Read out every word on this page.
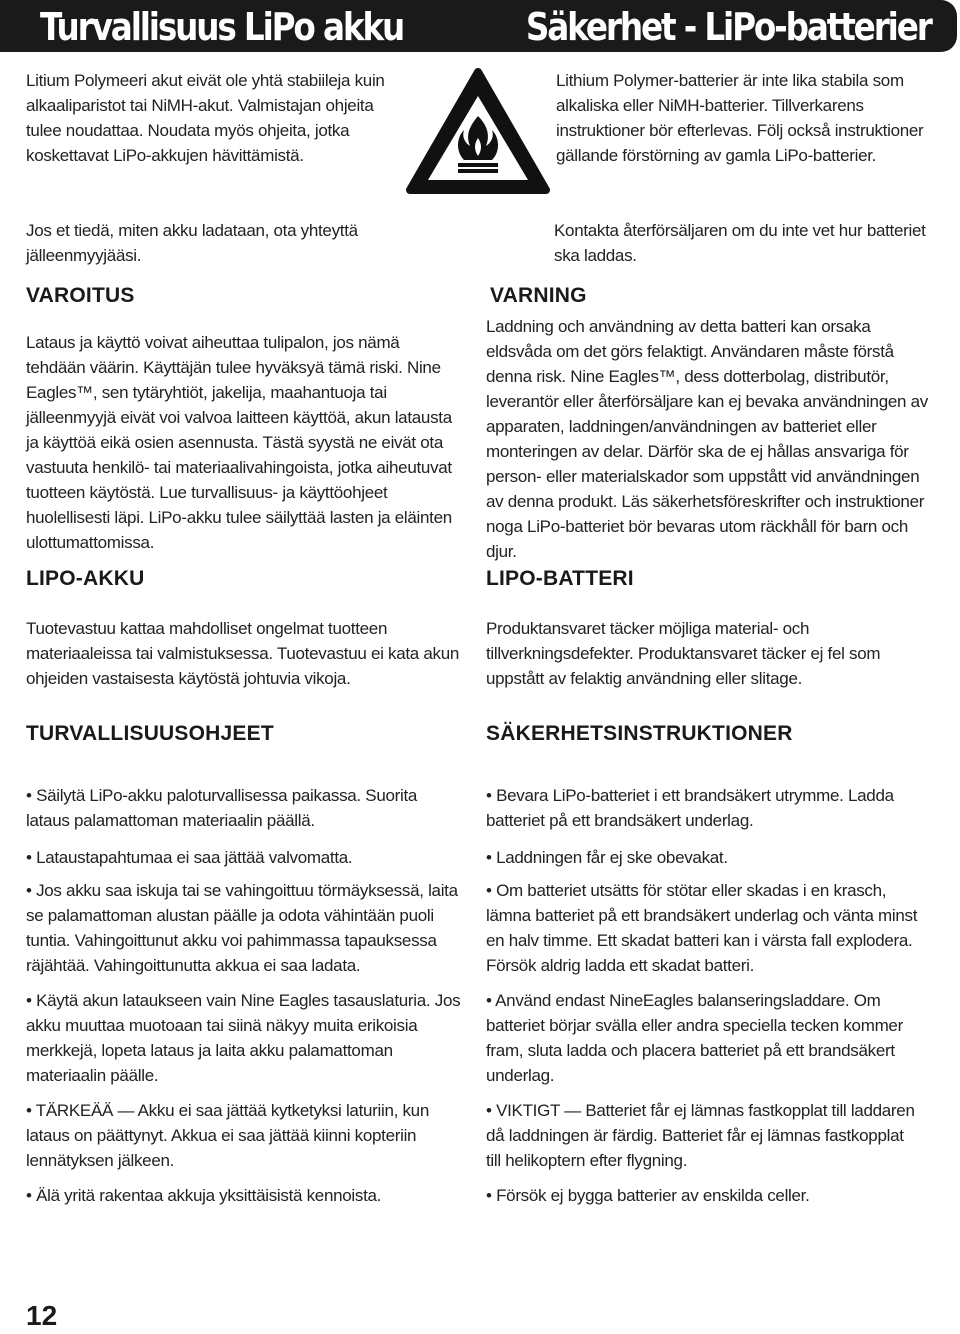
Turvallisuus LiPo akku	Säkerhet - LiPo-batterier

Litium Polymeeri akut eivät ole yhtä stabiileja kuin alkaaliparistot tai NiMH-akut. Valmistajan ohjeita tulee noudattaa. Noudata myös ohjeita, jotka koskettavat LiPo-akkujen hävittämistä.

Jos et tiedä, miten akku ladataan, ota yhteyttä jälleenmyyjääsi.

VAROITUS

Lataus ja käyttö voivat aiheuttaa tulipalon, jos nämä tehdään väärin. Käyttäjän tulee hyväksyä tämä riski. Nine Eagles™, sen tytäryhtiöt, jakelija, maahantuoja tai jälleenmyyjä eivät voi valvoa laitteen käyttöä, akun latausta ja käyttöä eikä osien asennusta. Tästä syystä ne eivät ota vastuuta henkilö- tai materiaalivahingoista, jotka aiheutuvat tuotteen käytöstä. Lue turvallisuus- ja käyttöohjeet huolellisesti läpi. LiPo-akku tulee säilyttää lasten ja eläinten ulottumattomissa.

LIPO-AKKU

Tuotevastuu kattaa mahdolliset ongelmat tuotteen materiaaleissa tai valmistuksessa. Tuotevastuu ei kata akun ohjeiden vastaisesta käytöstä johtuvia vikoja.

TURVALLISUUSOHJEET

• Säilytä LiPo-akku paloturvallisessa paikassa. Suorita lataus palamattoman materiaalin päällä.

• Lataustapahtumaa ei saa jättää valvomatta.

• Jos akku saa iskuja tai se vahingoittuu törmäyksessä, laita se palamattoman alustan päälle ja odota vähintään puoli tuntia. Vahingoittunut akku voi pahimmassa tapauksessa räjähtää. Vahingoittunutta akkua ei saa ladata.

• Käytä akun lataukseen vain Nine Eagles tasauslaturia. Jos akku muuttaa muotoaan tai siinä näkyy muita erikoisia merkkejä, lopeta lataus ja laita akku palamattoman materiaalin päälle.

• TÄRKEÄÄ — Akku ei saa jättää kytketyksi laturiin, kun lataus on päättynyt. Akkua ei saa jättää kiinni kopteriin lennätyksen jälkeen.

• Älä yritä rakentaa akkuja yksittäisistä kennoista.

Lithium Polymer-batterier är inte lika stabila som alkaliska eller NiMH-batterier. Tillverkarens instruktioner bör efterlevas. Följ också instruktioner gällande förstörning av gamla LiPo-batterier.

Kontakta återförsäljaren om du inte vet hur batteriet ska laddas.

VARNING

Laddning och användning av detta batteri kan orsaka eldsvåda om det görs felaktigt. Användaren måste förstå denna risk. Nine Eagles™, dess dotterbolag, distributör, leverantör eller återförsäljare kan ej bevaka användningen av apparaten, laddningen/användningen av batteriet eller monteringen av delar. Därför ska de ej hållas ansvariga för person- eller materialskador som uppstått vid användningen av denna produkt. Läs säkerhetsföreskrifter och instruktioner noga LiPo-batteriet bör bevaras utom räckhåll för barn och djur.

LIPO-BATTERI

Produktansvaret täcker möjliga material- och tillverkningsdefekter. Produktansvaret täcker ej fel som uppstått av felaktig användning eller slitage.

SÄKERHETSINSTRUKTIONER

• Bevara LiPo-batteriet i ett brandsäkert utrymme. Ladda batteriet på ett brandsäkert underlag.

• Laddningen får ej ske obevakat.

• Om batteriet utsätts för stötar eller skadas i en krasch, lämna batteriet på ett brandsäkert underlag och vänta minst en halv timme. Ett skadat batteri kan i värsta fall explodera. Försök aldrig ladda ett skadat batteri.

• Använd endast NineEagles balanseringsladdare. Om batteriet börjar svälla eller andra speciella tecken kommer fram, sluta ladda och placera batteriet på ett brandsäkert underlag.

• VIKTIGT — Batteriet får ej lämnas fastkopplat till laddaren då laddningen är färdig. Batteriet får ej lämnas fastkopplat till helikoptern efter flygning.

• Försök ej bygga batterier av enskilda celler.

12
